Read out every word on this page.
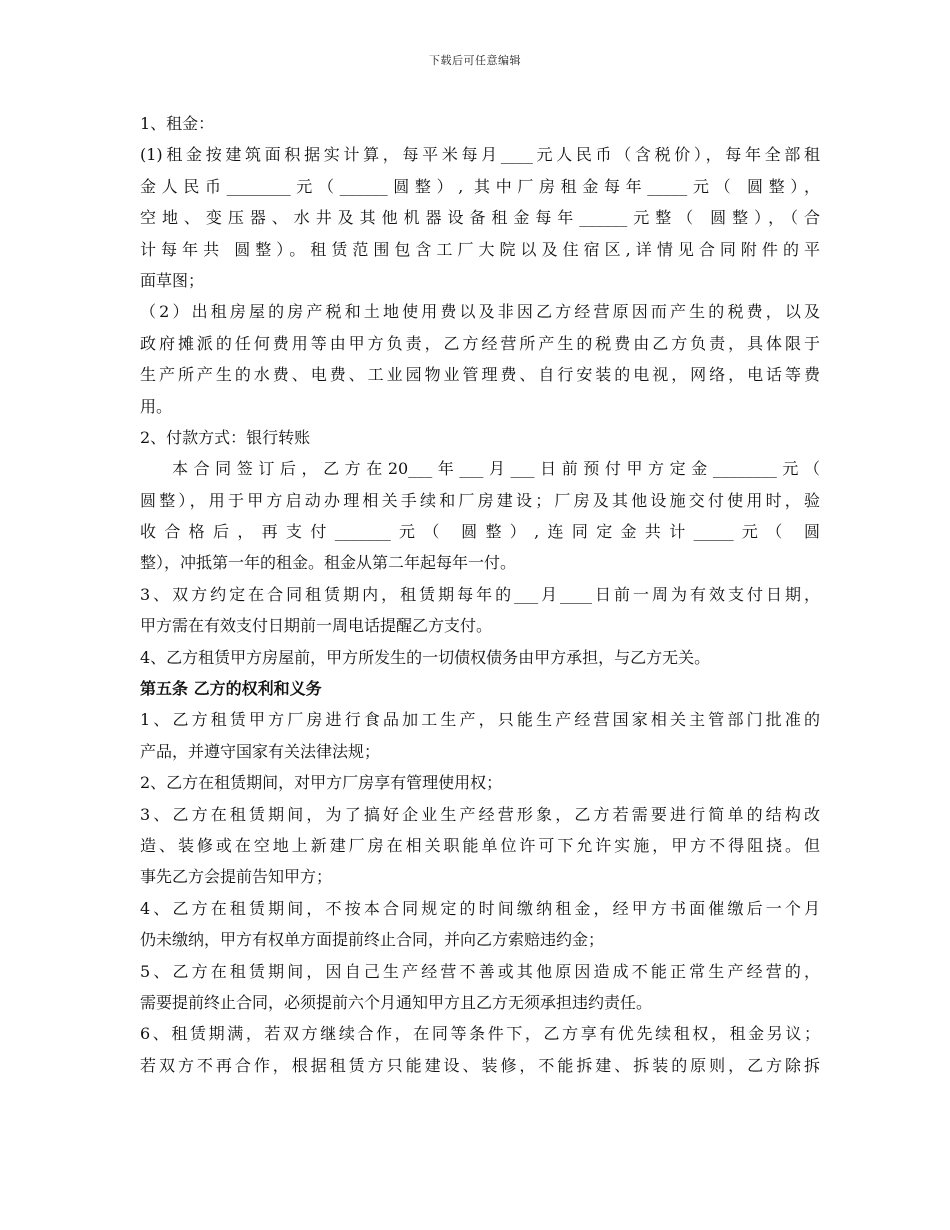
下载后可任意编辑
1、租金：
(1)租金按建筑面积据实计算，每平米每月____元人民币（含税价），每年全部租
金人民币________元（______圆整）, 其中厂房租金每年_____元（ 圆整），
空地、变压器、水井及其他机器设备租金每年______元整（ 圆整），（合
计每年共 圆整）。租赁范围包含工厂大院以及住宿区,详情见合同附件的平
面草图；
（2）出租房屋的房产税和土地使用费以及非因乙方经营原因而产生的税费，以及
政府摊派的任何费用等由甲方负责，乙方经营所产生的税费由乙方负责，具体限于
生产所产生的水费、电费、工业园物业管理费、自行安装的电视，网络，电话等费
用。
2、付款方式：银行转账
本合同签订后，乙方在20___年___月___日前预付甲方定金________元（
圆整），用于甲方启动办理相关手续和厂房建设；厂房及其他设施交付使用时，验
收合格后，再支付_______元（ 圆整）,连同定金共计_____元（ 圆
整），冲抵第一年的租金。租金从第二年起每年一付。
3、双方约定在合同租赁期内，租赁期每年的___月____日前一周为有效支付日期，
甲方需在有效支付日期前一周电话提醒乙方支付。
4、乙方租赁甲方房屋前，甲方所发生的一切债权债务由甲方承担，与乙方无关。
第五条 乙方的权利和义务
1、乙方租赁甲方厂房进行食品加工生产，只能生产经营国家相关主管部门批准的
产品，并遵守国家有关法律法规；
2、乙方在租赁期间，对甲方厂房享有管理使用权；
3、乙方在租赁期间，为了搞好企业生产经营形象，乙方若需要进行简单的结构改
造、装修或在空地上新建厂房在相关职能单位许可下允许实施，甲方不得阻挠。但
事先乙方会提前告知甲方；
4、乙方在租赁期间，不按本合同规定的时间缴纳租金，经甲方书面催缴后一个月
仍未缴纳，甲方有权单方面提前终止合同，并向乙方索赔违约金；
5、乙方在租赁期间，因自己生产经营不善或其他原因造成不能正常生产经营的，
需要提前终止合同，必须提前六个月通知甲方且乙方无须承担违约责任。
6、租赁期满，若双方继续合作，在同等条件下，乙方享有优先续租权，租金另议；
若双方不再合作，根据租赁方只能建设、装修，不能拆建、拆装的原则，乙方除拆
